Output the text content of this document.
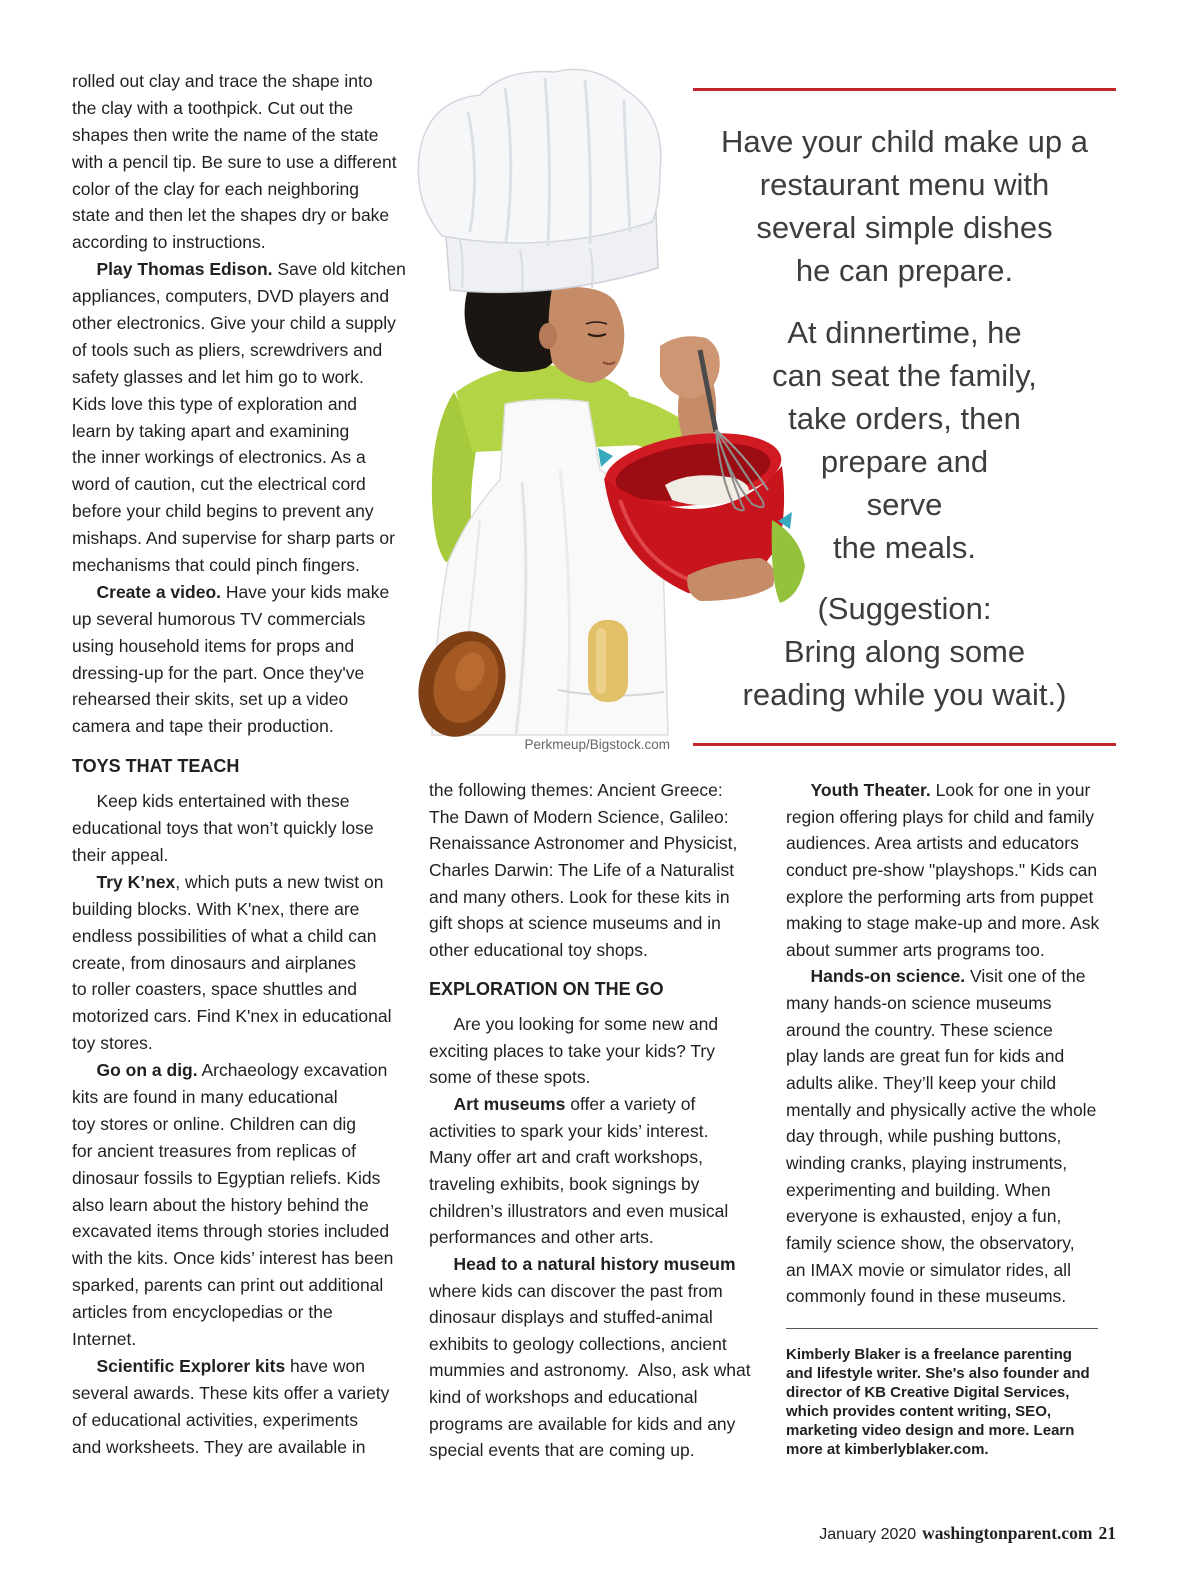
rolled out clay and trace the shape into
the clay with a toothpick. Cut out the
shapes then write the name of the state
with a pencil tip. Be sure to use a different
color of the clay for each neighboring
state and then let the shapes dry or bake
according to instructions.
Play Thomas Edison. Save old kitchen
appliances, computers, DVD players and
other electronics. Give your child a supply
of tools such as pliers, screwdrivers and
safety glasses and let him go to work.
Kids love this type of exploration and
learn by taking apart and examining
the inner workings of electronics. As a
word of caution, cut the electrical cord
before your child begins to prevent any
mishaps. And supervise for sharp parts or
mechanisms that could pinch fingers.
Create a video. Have your kids make
up several humorous TV commercials
using household items for props and
dressing-up for the part. Once they've
rehearsed their skits, set up a video
camera and tape their production.
TOYS THAT TEACH
Keep kids entertained with these
educational toys that won’t quickly lose
their appeal.
Try K’nex, which puts a new twist on
building blocks. With K'nex, there are
endless possibilities of what a child can
create, from dinosaurs and airplanes
to roller coasters, space shuttles and
motorized cars. Find K'nex in educational
toy stores.
Go on a dig. Archaeology excavation
kits are found in many educational
toy stores or online. Children can dig
for ancient treasures from replicas of
dinosaur fossils to Egyptian reliefs. Kids
also learn about the history behind the
excavated items through stories included
with the kits. Once kids’ interest has been
sparked, parents can print out additional
articles from encyclopedias or the
Internet.
Scientific Explorer kits have won
several awards. These kits offer a variety
of educational activities, experiments
and worksheets. They are available in
the following themes: Ancient Greece:
The Dawn of Modern Science, Galileo:
Renaissance Astronomer and Physicist,
Charles Darwin: The Life of a Naturalist
and many others. Look for these kits in
gift shops at science museums and in
other educational toy shops.
EXPLORATION ON THE GO
Are you looking for some new and
exciting places to take your kids? Try
some of these spots.
Art museums offer a variety of
activities to spark your kids’ interest.
Many offer art and craft workshops,
traveling exhibits, book signings by
children’s illustrators and even musical
performances and other arts.
Head to a natural history museum
where kids can discover the past from
dinosaur displays and stuffed-animal
exhibits to geology collections, ancient
mummies and astronomy.  Also, ask what
kind of workshops and educational
programs are available for kids and any
special events that are coming up.
Youth Theater. Look for one in your
region offering plays for child and family
audiences. Area artists and educators
conduct pre-show "playshops." Kids can
explore the performing arts from puppet
making to stage make-up and more. Ask
about summer arts programs too.
Hands-on science. Visit one of the
many hands-on science museums
around the country. These science
play lands are great fun for kids and
adults alike. They’ll keep your child
mentally and physically active the whole
day through, while pushing buttons,
winding cranks, playing instruments,
experimenting and building. When
everyone is exhausted, enjoy a fun,
family science show, the observatory,
an IMAX movie or simulator rides, all
commonly found in these museums.
Kimberly Blaker is a freelance parenting
and lifestyle writer. She's also founder and
director of KB Creative Digital Services,
which provides content writing, SEO,
marketing video design and more. Learn
more at kimberlyblaker.com.
Have your child make up a
restaurant menu with
several simple dishes
he can prepare.
At dinnertime, he
can seat the family,
take orders, then
prepare and
serve
the meals.
(Suggestion:
Bring along some
reading while you wait.)
Perkmeup/Bigstock.com
January 2020 washingtonparent.com 21
